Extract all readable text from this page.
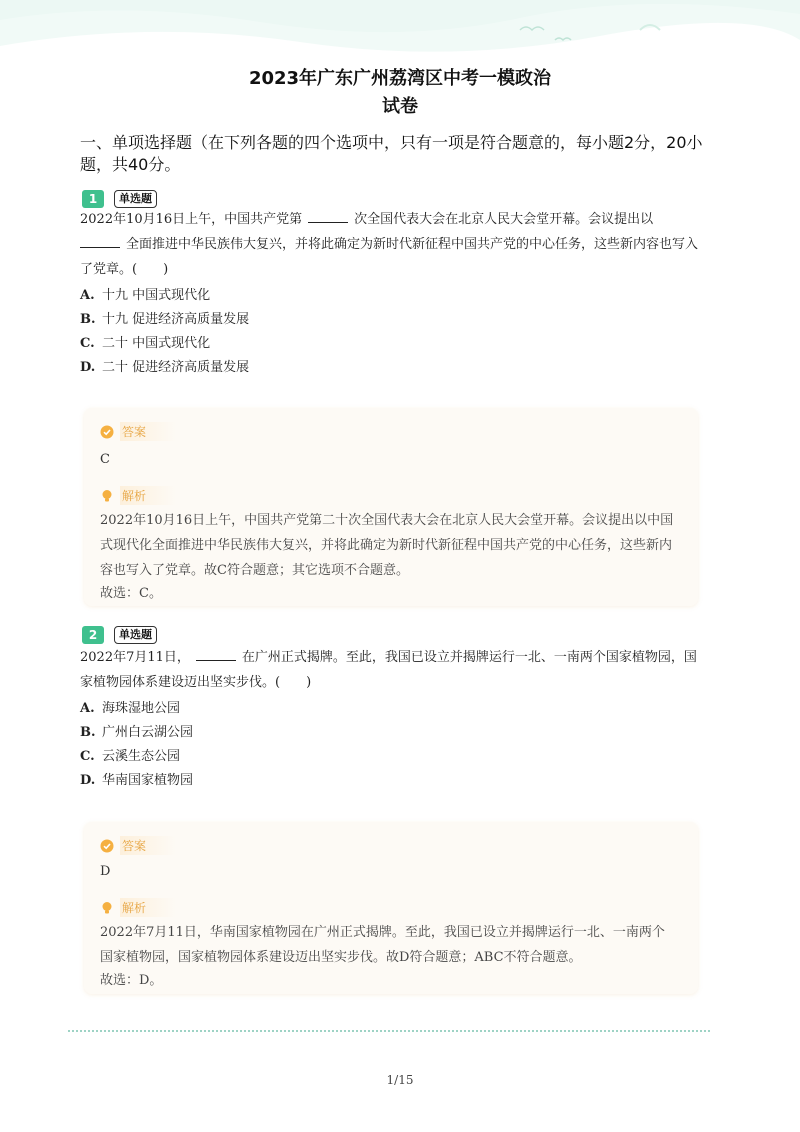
2023年广东广州荔湾区中考一模政治
试卷
一、单项选择题（在下列各题的四个选项中，只有一项是符合题意的，每小题2分，20小题，共40分。
1	单选题
2022年10月16日上午，中国共产党第	次全国代表大会在北京人民大会堂开幕。会议提出以
全面推进中华民族伟大复兴，并将此确定为新时代新征程中国共产党的中心任务，这些新内容也写入了党章。(　　)
A. 十九 中国式现代化
B. 十九 促进经济高质量发展
C. 二十 中国式现代化
D. 二十 促进经济高质量发展
答案
C
解析
2022年10月16日上午，中国共产党第二十次全国代表大会在北京人民大会堂开幕。会议提出以中国式现代化全面推进中华民族伟大复兴，并将此确定为新时代新征程中国共产党的中心任务，这些新内容也写入了党章。故C符合题意；其它选项不合题意。
故选：C。
2	单选题
2022年7月11日，	在广州正式揭牌。至此，我国已设立并揭牌运行一北、一南两个国家植物园，国家植物园体系建设迈出坚实步伐。(　　)
A. 海珠湿地公园
B. 广州白云湖公园
C. 云溪生态公园
D. 华南国家植物园
答案
D
解析
2022年7月11日，华南国家植物园在广州正式揭牌。至此，我国已设立并揭牌运行一北、一南两个国家植物园，国家植物园体系建设迈出坚实步伐。故D符合题意；ABC不符合题意。
故选：D。
1/15
